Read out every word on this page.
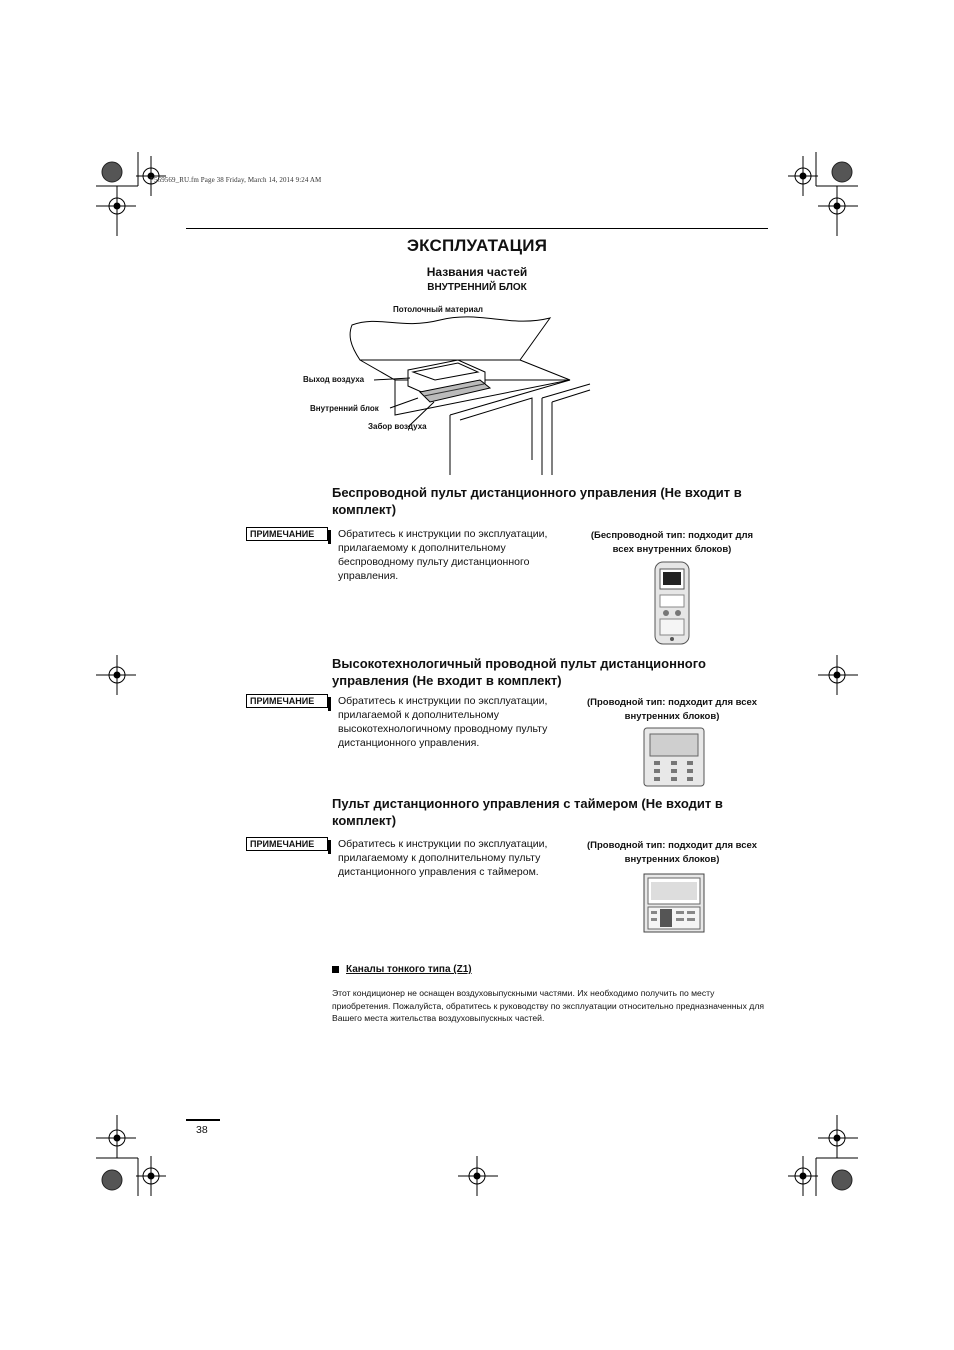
F569569_RU.fm Page 38 Friday, March 14, 2014 9:24 AM
ЭКСПЛУАТАЦИЯ
Названия частей
ВНУТРЕННИЙ БЛОК
Потолочный материал
Выход воздуха
Внутренний блок
Забор воздуха
Беспроводной пульт дистанционного управления (Не входит в комплект)
ПРИМЕЧАНИЕ	Обратитесь к инструкции по эксплуатации, прилагаемому к дополнительному беспроводному пульту дистанционного управления.
(Беспроводной тип: подходит для всех внутренних блоков)
Высокотехнологичный проводной пульт дистанционного управления (Не входит в комплект)
ПРИМЕЧАНИЕ	Обратитесь к инструкции по эксплуатации, прилагаемой к дополнительному высокотехнологичному проводному пульту дистанционного управления.
(Проводной тип: подходит для всех внутренних блоков)
Пульт дистанционного управления с таймером (Не входит в комплект)
ПРИМЕЧАНИЕ	Обратитесь к инструкции по эксплуатации, прилагаемому к дополнительному пульту дистанционного управления с таймером.
(Проводной тип: подходит для всех внутренних блоков)
Каналы тонкого типа (Z1)
Этот кондиционер не оснащен воздуховыпускными частями. Их необходимо получить по месту приобретения. Пожалуйста, обратитесь к руководству по эксплуатации относительно предназначенных для Вашего места жительства воздуховыпускных частей.
38
